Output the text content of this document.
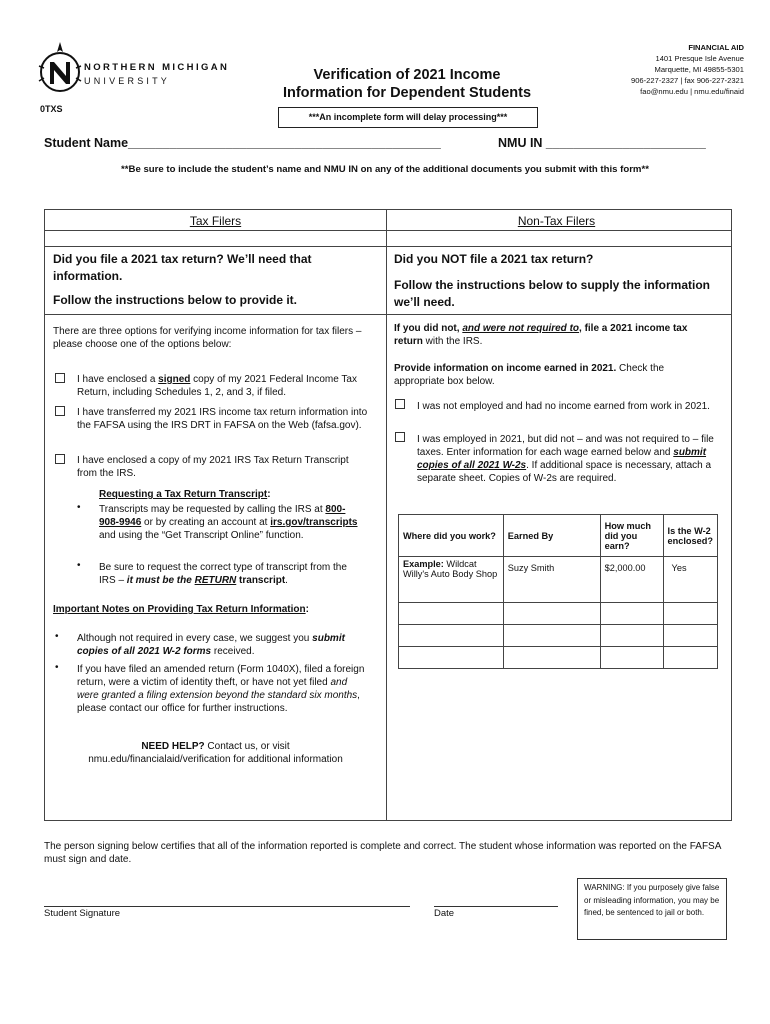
NORTHERN MICHIGAN
UNIVERSITY
0TXS
Verification of 2021 Income
Information for Dependent Students
***An incomplete form will delay processing***
FINANCIAL AID
1401 Presque Isle Avenue
Marquette, MI 49855-5301
906-227-2327 | fax 906-227-2321
fao@nmu.edu | nmu.edu/finaid
Student Name_____________________________________________	NMU IN _______________________
**Be sure to include the student’s name and NMU IN on any of the additional documents you submit with this form**
Tax Filers	Non-Tax Filers
Did you file a 2021 tax return? We’ll need that
information.
Follow the instructions below to provide it.
There are three options for verifying income information for tax filers – please choose one of the options below:
I have enclosed a signed copy of my 2021 Federal Income Tax Return, including Schedules 1, 2, and 3, if filed.
I have transferred my 2021 IRS income tax return information into the FAFSA using the IRS DRT in FAFSA on the Web (fafsa.gov).
I have enclosed a copy of my 2021 IRS Tax Return Transcript from the IRS.
Requesting a Tax Return Transcript:
• Transcripts may be requested by calling the IRS at 800-908-9946 or by creating an account at irs.gov/transcripts and using the “Get Transcript Online” function.
• Be sure to request the correct type of transcript from the IRS – it must be the RETURN transcript.
Important Notes on Providing Tax Return Information:
• Although not required in every case, we suggest you submit copies of all 2021 W-2 forms received.
• If you have filed an amended return (Form 1040X), filed a foreign return, were a victim of identity theft, or have not yet filed and were granted a filing extension beyond the standard six months, please contact our office for further instructions.
NEED HELP? Contact us, or visit
nmu.edu/financialaid/verification for additional information
Did you NOT file a 2021 tax return?
Follow the instructions below to supply the information we’ll need.
If you did not, and were not required to, file a 2021 income tax return with the IRS.
Provide information on income earned in 2021. Check the appropriate box below.
I was not employed and had no income earned from work in 2021.
I was employed in 2021, but did not – and was not required to – file taxes. Enter information for each wage earned below and submit copies of all 2021 W-2s. If additional space is necessary, attach a separate sheet. Copies of W-2s are required.
Where did you work?	Earned By	How much did you earn?	Is the W-2 enclosed?
Example: Wildcat Willy's Auto Body Shop	Suzy Smith	$2,000.00	Yes

The person signing below certifies that all of the information reported is complete and correct. The student whose information was reported on the FAFSA must sign and date.
Student Signature	Date
WARNING: If you purposely give false or misleading information, you may be fined, be sentenced to jail or both.
